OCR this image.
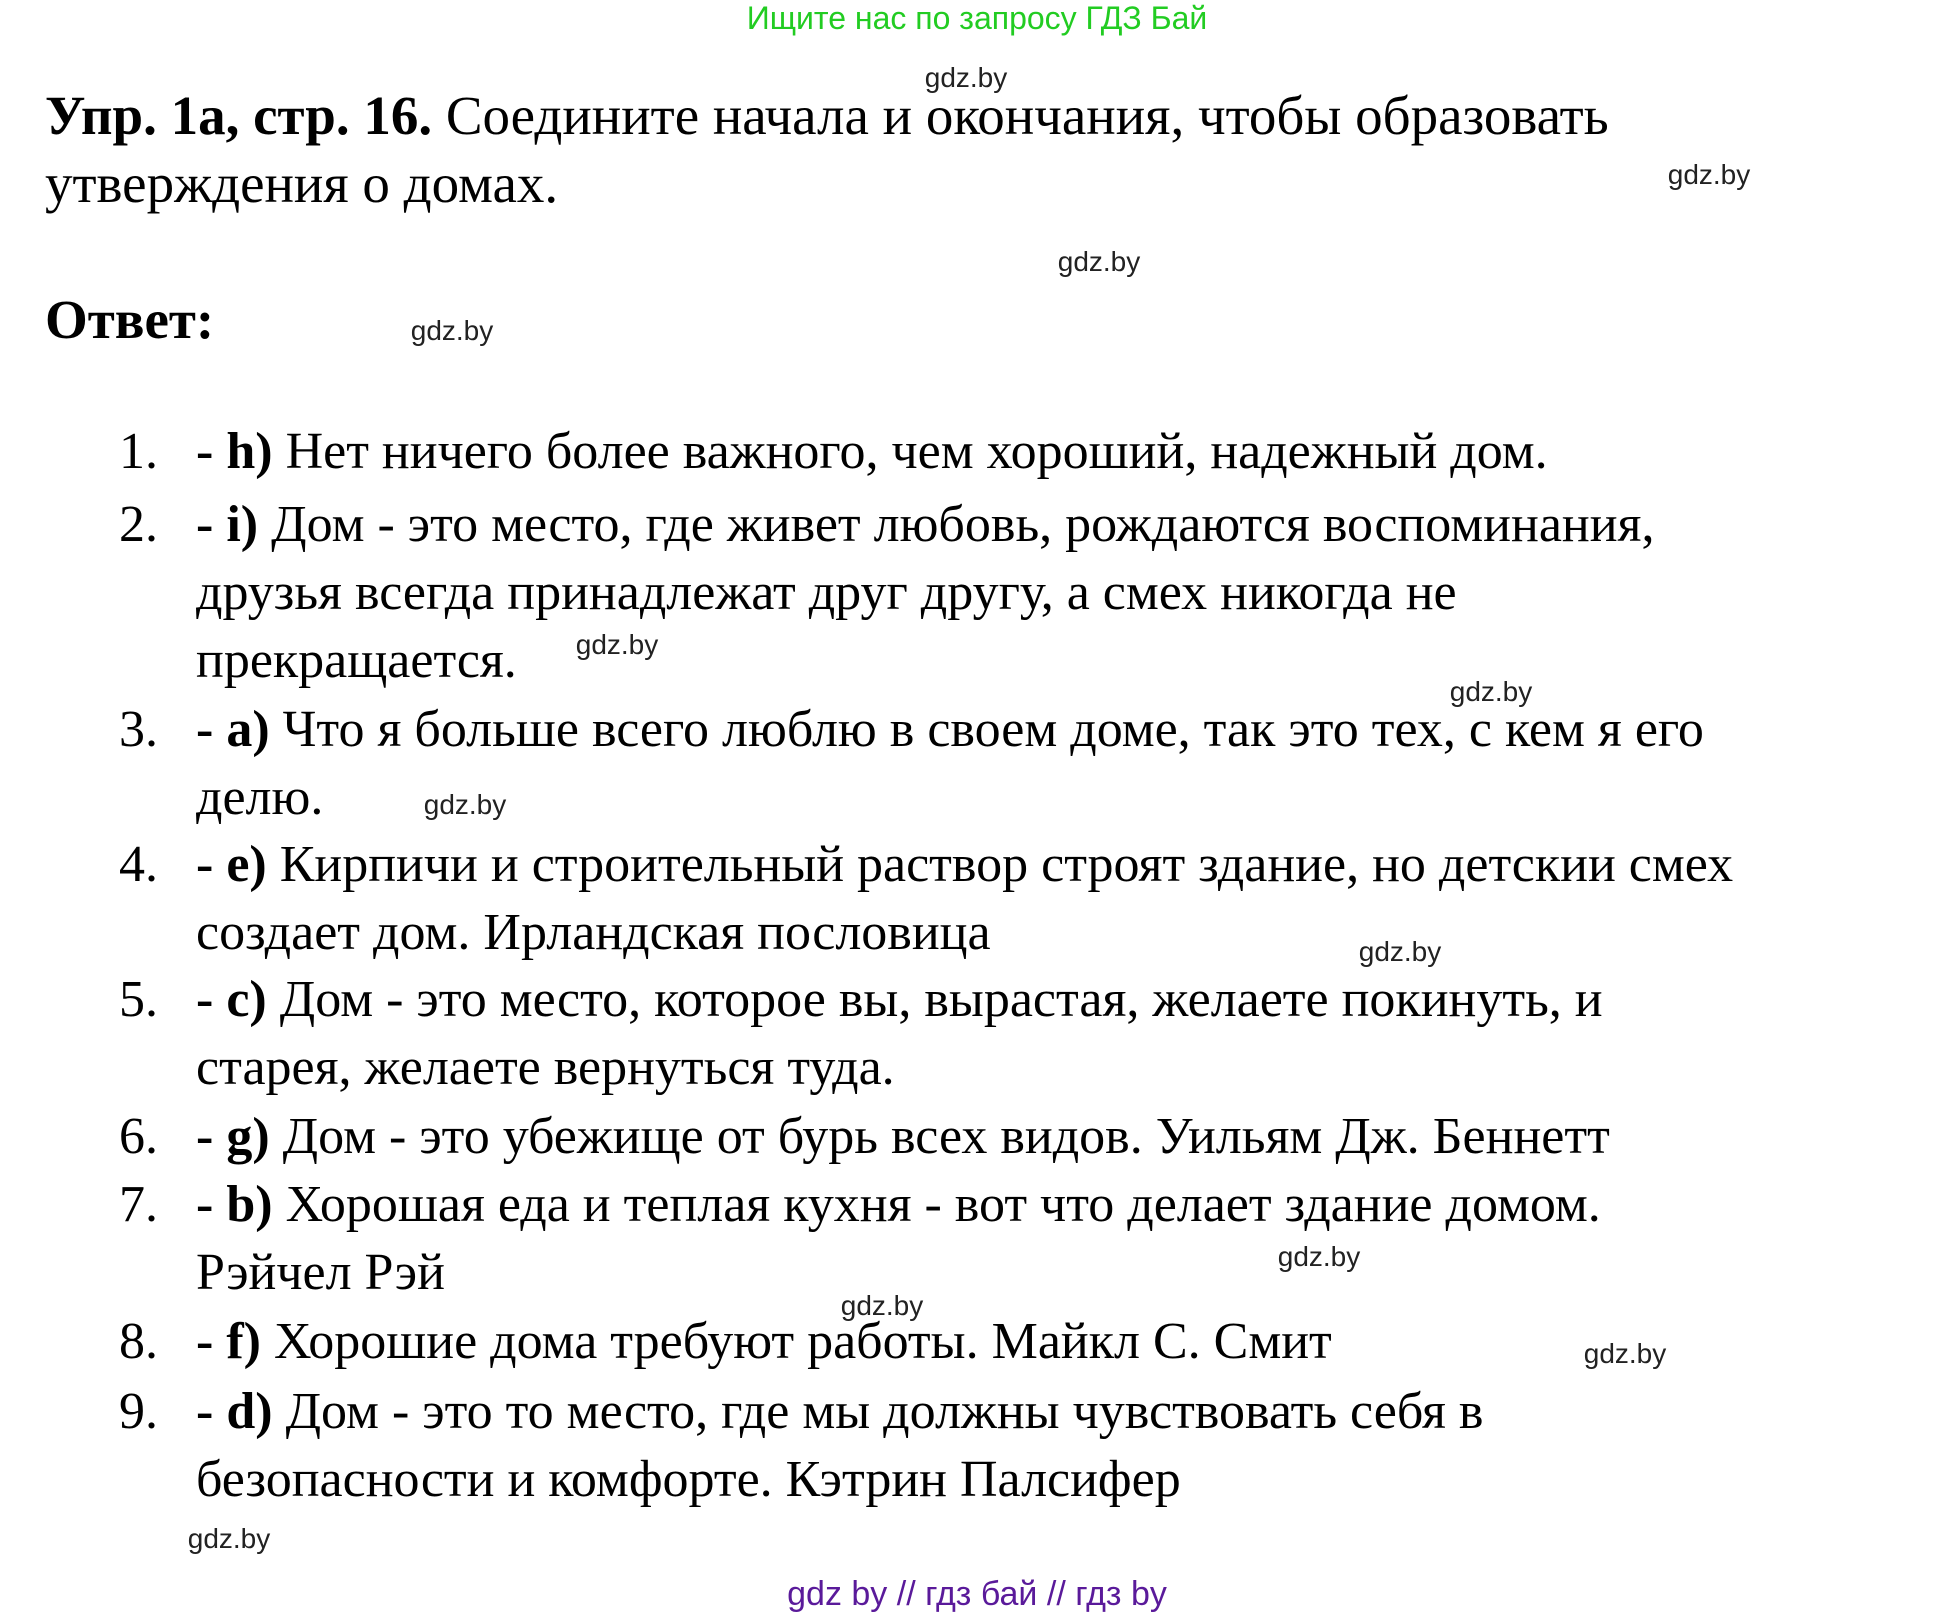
Ищите нас по запросу ГДЗ Бай
Упр. 1а, стр. 16. Соедините начала и окончания, чтобы образовать
утверждения о домах.
Ответ:
1. - h) Нет ничего более важного, чем хороший, надежный дом.
2. - i) Дом - это место, где живет любовь, рождаются воспоминания,
друзья всегда принадлежат друг другу, а смех никогда не
прекращается.
3. - a) Что я больше всего люблю в своем доме, так это тех, с кем я его
делю.
4. - e) Кирпичи и строительный раствор строят здание, но детскии смех
создает дом. Ирландская пословица
5. - c) Дом - это место, которое вы, вырастая, желаете покинуть, и
старея, желаете вернуться туда.
6. - g) Дом - это убежище от бурь всех видов. Уильям Дж. Беннетт
7. - b) Хорошая еда и теплая кухня - вот что делает здание домом.
Рэйчел Рэй
8. - f) Хорошие дома требуют работы. Майкл С. Смит
9. - d) Дом - это то место, где мы должны чувствовать себя в
безопасности и комфорте. Кэтрин Палсифер
gdz.by
gdz.by
gdz.by
gdz.by
gdz.by
gdz.by
gdz.by
gdz.by
gdz.by
gdz.by
gdz.by
gdz.by
gdz by // гдз бай // гдз by
